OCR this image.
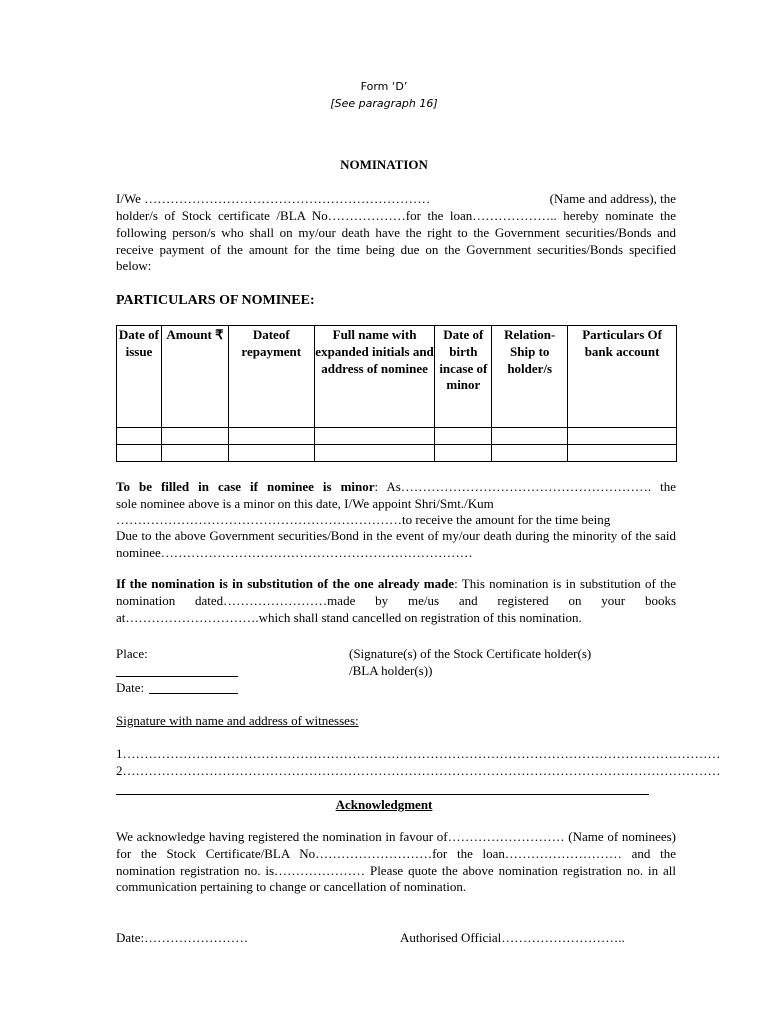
Form ‘D’
[See paragraph 16]
NOMINATION
I/We …………………………………………………………	(Name and address), the
holder/s of Stock certificate /BLA No………………for the loan……………….. hereby nominate the following person/s who shall on my/our death have the right to the Government securities/Bonds and receive payment of the amount for the time being due on the Government securities/Bonds specified below:
PARTICULARS OF NOMINEE:
Date of issue	Amount ₹	Dateof repayment	Full name with expanded initials and address of nominee	Date of birth incase of minor	Relation-Ship to holder/s	Particulars Of bank account

To be filled in case if nominee is minor: As…………………………………………………. the
sole nominee above is a minor on this date, I/We appoint Shri/Smt./Kum
…………………………………………………………to receive the amount for the time being
Due to the above Government securities/Bond in the event of my/our death during the minority of the said nominee………………………………………………………………
If the nomination is in substitution of the one already made: This nomination is in substitution of the nomination dated……………………made by me/us and registered on your books at………………………….which shall stand cancelled on registration of this nomination.
Place:	(Signature(s) of the Stock Certificate holder(s)
/BLA holder(s))
Date:
Signature with name and address of witnesses:
1…………………………………………………………………………………………………………………………
2…………………………………………………………………………………………………………………………
Acknowledgment
We acknowledge having registered the nomination in favour of……………………… (Name of nominees) for the Stock Certificate/BLA No………………………for the loan……………………… and the nomination registration no. is………………… Please quote the above nomination registration no. in all communication pertaining to change or cancellation of nomination.
Date:……………………	Authorised Official………………………..
